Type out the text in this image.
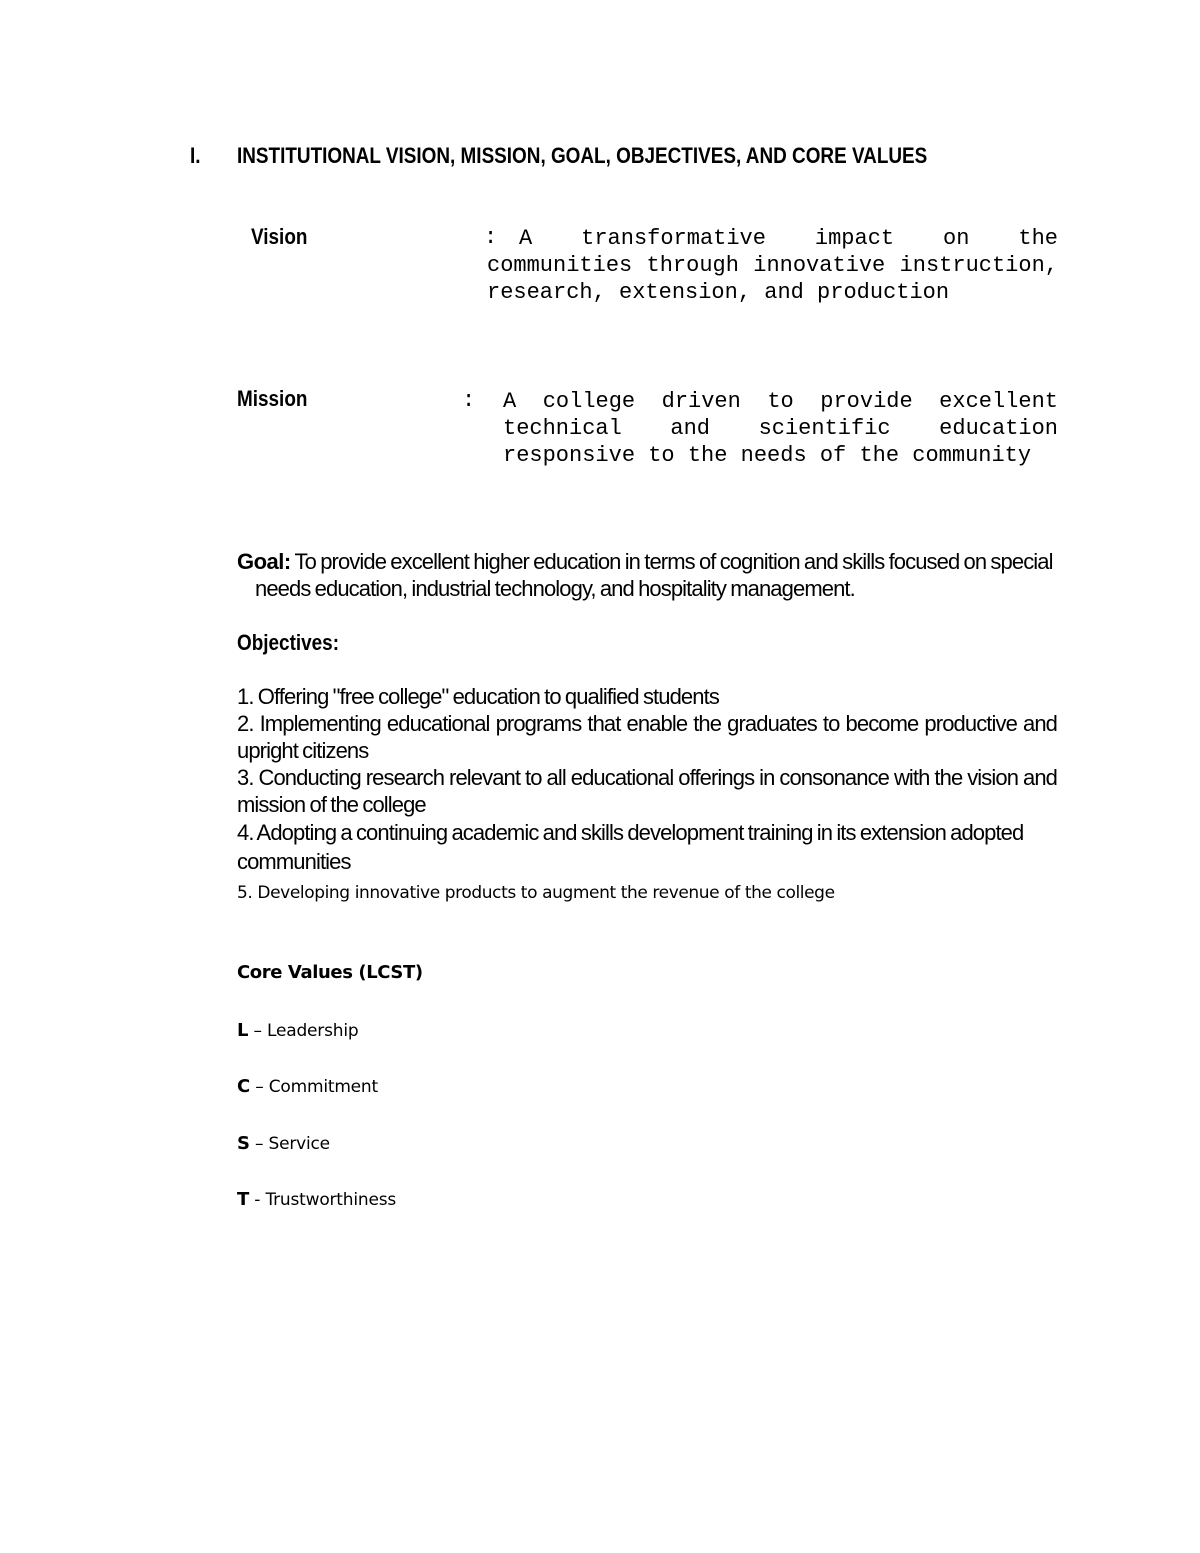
I. INSTITUTIONAL VISION, MISSION, GOAL, OBJECTIVES, AND CORE VALUES
Vision	: A transformative impact on the communities through innovative instruction, research, extension, and production
Mission	: A college driven to provide excellent technical and scientific education responsive to the needs of the community
Goal: To provide excellent higher education in terms of cognition and skills focused on special needs education, industrial technology, and hospitality management.
Objectives:
1. Offering "free college" education to qualified students
2. Implementing educational programs that enable the graduates to become productive and upright citizens
3. Conducting research relevant to all educational offerings in consonance with the vision and mission of the college
4. Adopting a continuing academic and skills development training in its extension adopted communities
5. Developing innovative products to augment the revenue of the college
Core Values (LCST)
L – Leadership
C – Commitment
S – Service
T - Trustworthiness
